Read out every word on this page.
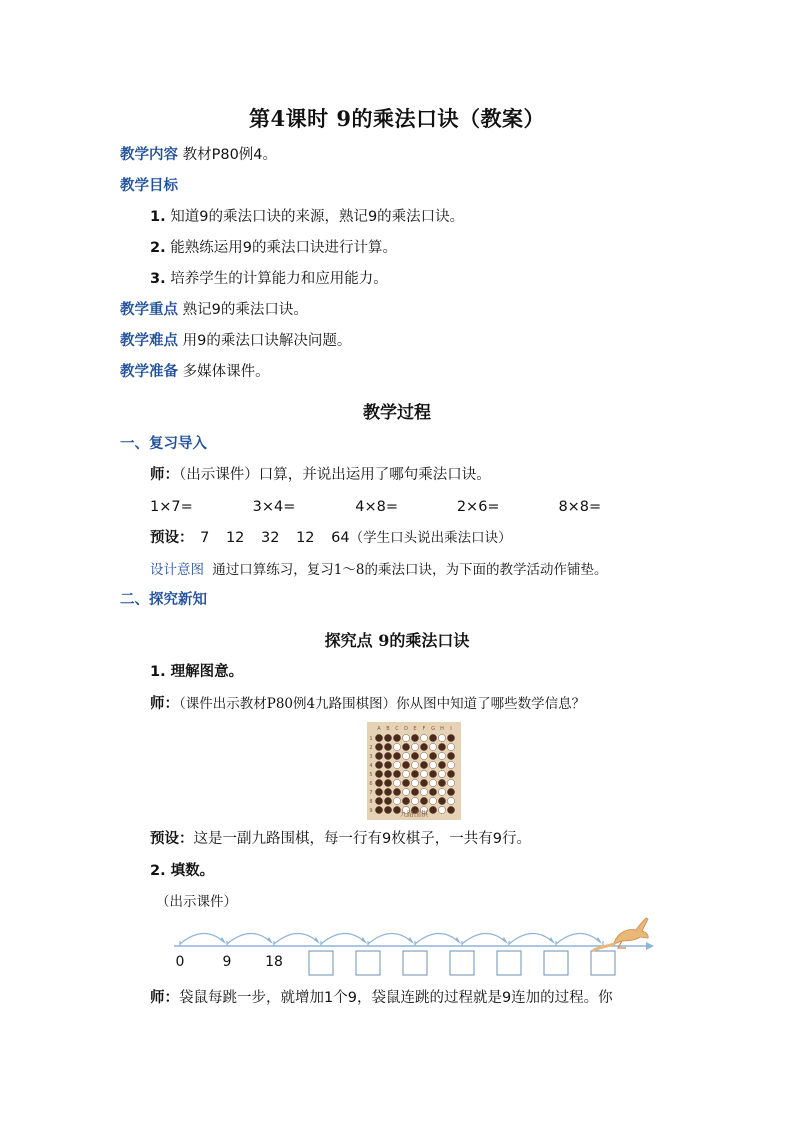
第4课时 9的乘法口诀（教案）
教学内容 教材P80例4。
教学目标
1. 知道9的乘法口诀的来源，熟记9的乘法口诀。
2. 能熟练运用9的乘法口诀进行计算。
3. 培养学生的计算能力和应用能力。
教学重点 熟记9的乘法口诀。
教学难点 用9的乘法口诀解决问题。
教学准备 多媒体课件。
教学过程
一、复习导入
师：（出示课件）口算，并说出运用了哪句乘法口诀。
1×7=	3×4=	4×8=	2×6=	8×8=
预设： 7 12 32 12 64（学生口头说出乘法口诀）
设计意图 通过口算练习，复习1～8的乘法口诀，为下面的教学活动作铺垫。
二、探究新知
探究点 9的乘法口诀
1. 理解图意。
师：（课件出示教材P80例4九路围棋图）你从图中知道了哪些数学信息？
A B C D E F G H I
1
2
3
4
5
6
7
8
9	九路围棋
预设：这是一副九路围棋，每一行有9枚棋子，一共有9行。
2. 填数。
（出示课件）
0	9 18
师：袋鼠每跳一步，就增加1个9，袋鼠连跳的过程就是9连加的过程。你
